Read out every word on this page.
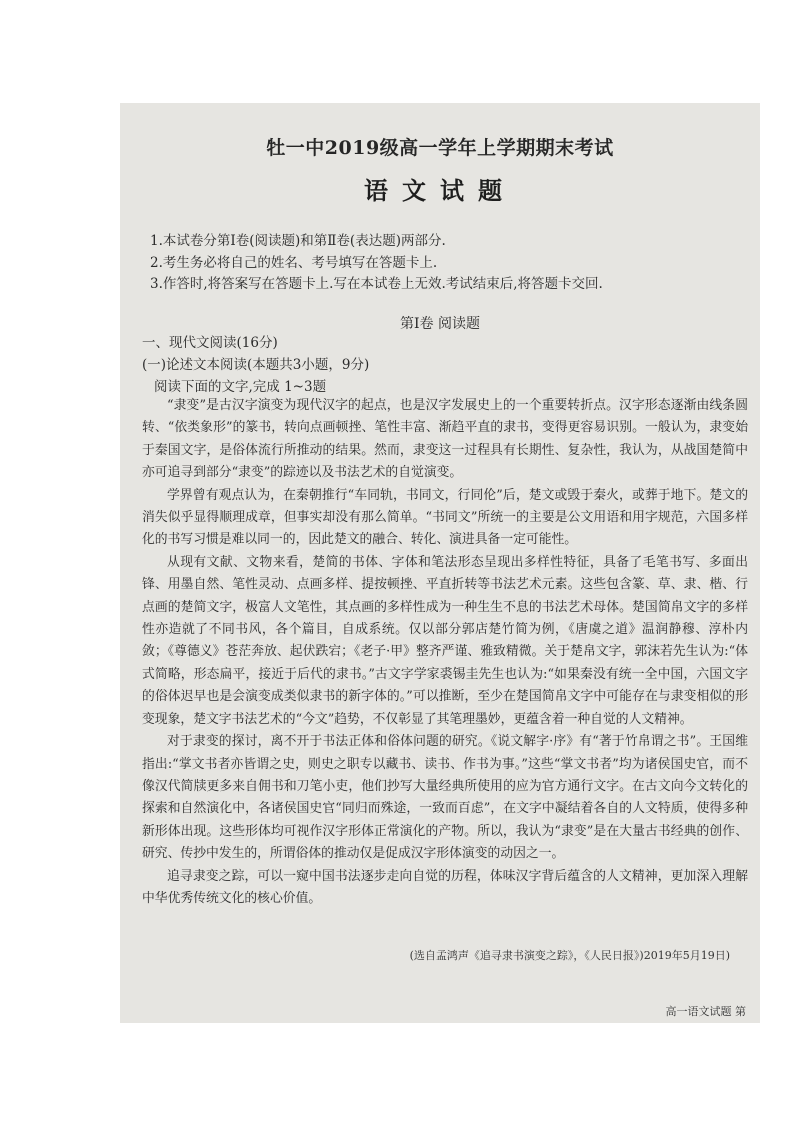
牡一中2019级高一学年上学期期末考试
语文试题
1.本试卷分第Ⅰ卷(阅读题)和第Ⅱ卷(表达题)两部分.
2.考生务必将自己的姓名、考号填写在答题卡上.
3.作答时,将答案写在答题卡上.写在本试卷上无效.考试结束后,将答题卡交回.
第Ⅰ卷 阅读题
一、现代文阅读(16分)
(一)论述文本阅读(本题共3小题，9分)
阅读下面的文字,完成 1~3题

“隶变”是古汉字演变为现代汉字的起点，也是汉字发展史上的一个重要转折点。汉字形态逐渐由线条圆转、“依类象形”的篆书，转向点画顿挫、笔性丰富、渐趋平直的隶书，变得更容易识别。一般认为，隶变始于秦国文字，是俗体流行所推动的结果。然而，隶变这一过程具有长期性、复杂性，我认为，从战国楚简中亦可追寻到部分“隶变”的踪迹以及书法艺术的自觉演变。

学界曾有观点认为，在秦朝推行“车同轨，书同文，行同伦”后，楚文或毁于秦火，或葬于地下。楚文的消失似乎显得顺理成章，但事实却没有那么简单。“书同文”所统一的主要是公文用语和用字规范，六国多样化的书写习惯是难以同一的，因此楚文的融合、转化、演进具备一定可能性。

从现有文献、文物来看，楚简的书体、字体和笔法形态呈现出多样性特征，具备了毛笔书写、多面出锋、用墨自然、笔性灵动、点画多样、提按顿挫、平直折转等书法艺术元素。这些包含篆、草、隶、楷、行点画的楚简文字，极富人文笔性，其点画的多样性成为一种生生不息的书法艺术母体。楚国简帛文字的多样性亦造就了不同书风，各个篇目，自成系统。仅以部分郭店楚竹简为例，《唐虞之道》温润静穆、淳朴内敛；《尊德义》苍茫奔放、起伏跌宕；《老子·甲》整齐严谨、雅致精微。关于楚帛文字，郭沫若先生认为:“体式简略，形态扁平，接近于后代的隶书。”古文字学家裘锡圭先生也认为:“如果秦没有统一全中国，六国文字的俗体迟早也是会演变成类似隶书的新字体的。”可以推断，至少在楚国简帛文字中可能存在与隶变相似的形变现象，楚文字书法艺术的“今文”趋势，不仅彰显了其笔理墨妙，更蕴含着一种自觉的人文精神。

对于隶变的探讨，离不开于书法正体和俗体问题的研究。《说文解字·序》有“著于竹帛谓之书”。王国维指出:“掌文书者亦皆谓之史，则史之职专以藏书、读书、作书为事。”这些“掌文书者”均为诸侯国史官，而不像汉代简牍更多来自佣书和刀笔小吏，他们抄写大量经典所使用的应为官方通行文字。在古文向今文转化的探索和自然演化中，各诸侯国史官“同归而殊途，一致而百虑”，在文字中凝结着各自的人文特质，使得多种新形体出现。这些形体均可视作汉字形体正常演化的产物。所以，我认为“隶变”是在大量古书经典的创作、研究、传抄中发生的，所谓俗体的推动仅是促成汉字形体演变的动因之一。

追寻隶变之踪，可以一窥中国书法逐步走向自觉的历程，体味汉字背后蕴含的人文精神，更加深入理解中华优秀传统文化的核心价值。

(选自孟鸿声《追寻隶书演变之踪》，《人民日报》)2019年5月19日)
高一语文试题 第
